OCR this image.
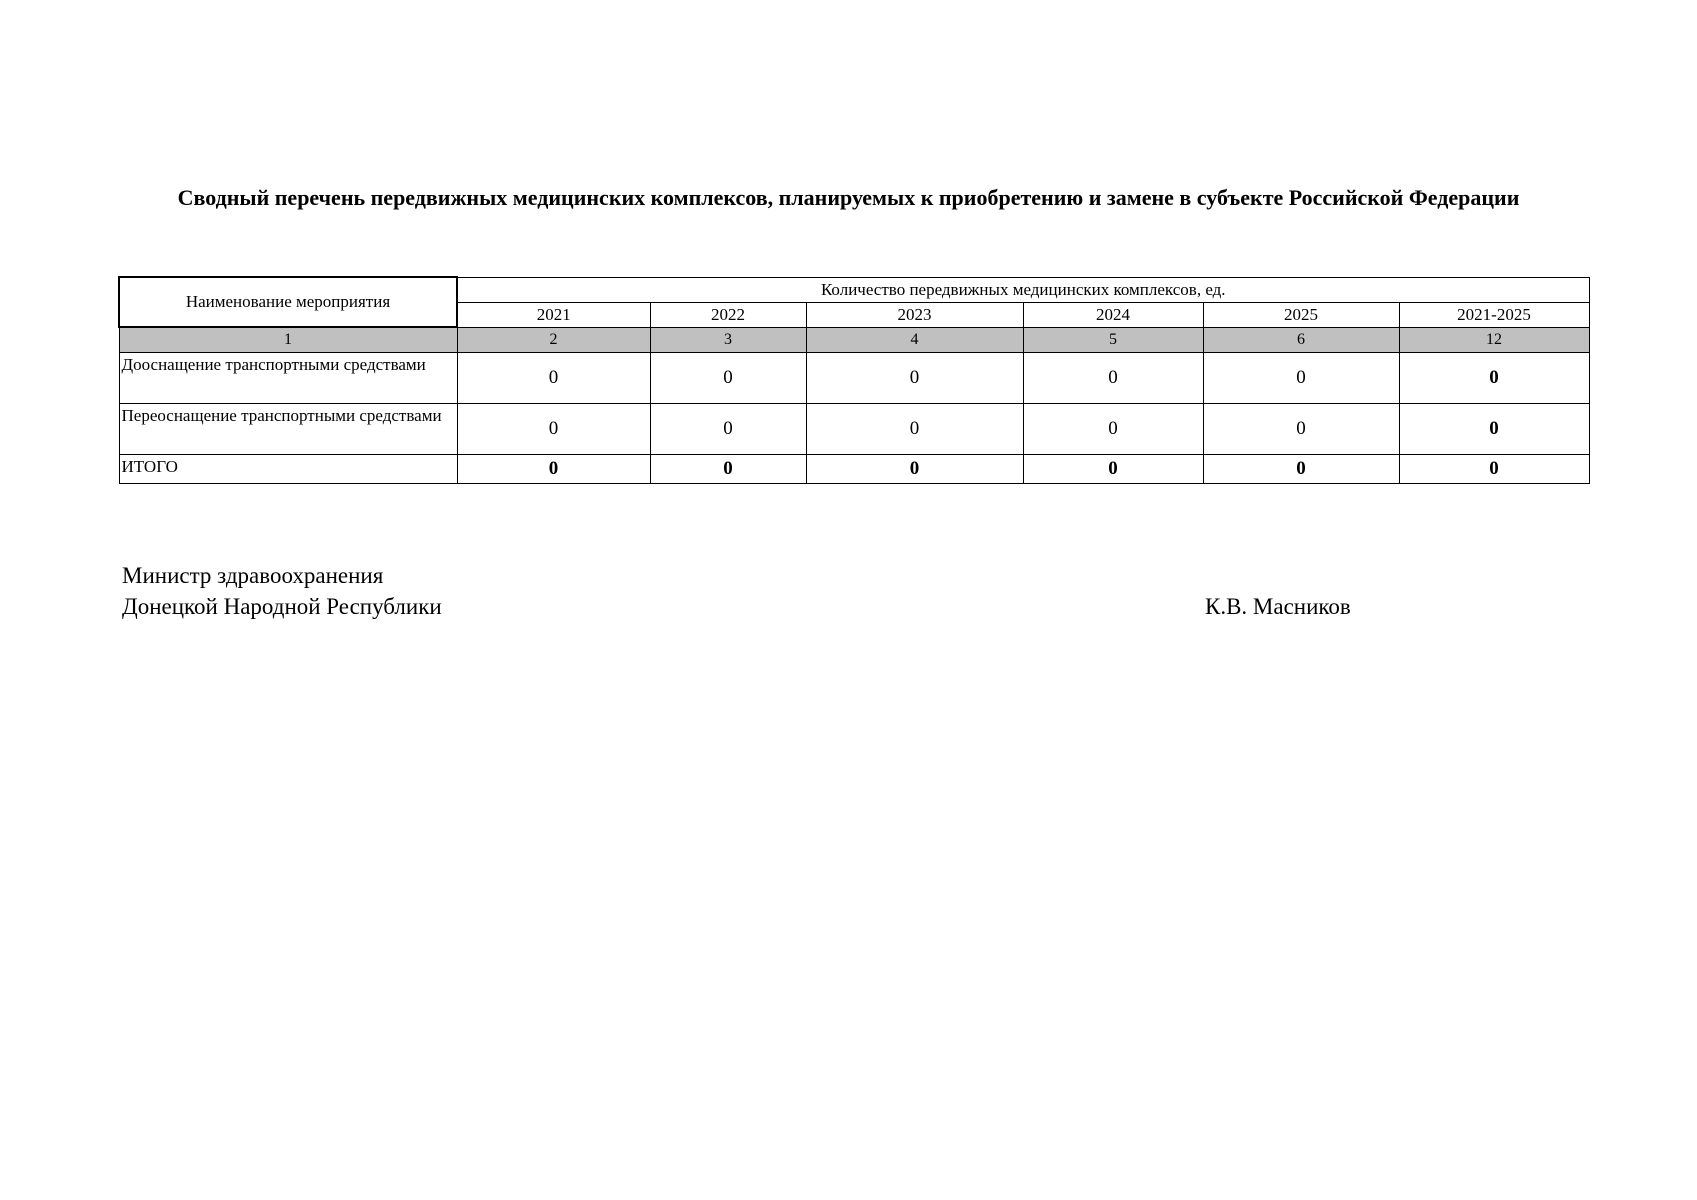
Сводный перечень передвижных медицинских комплексов, планируемых к приобретению и замене в субъекте Российской Федерации
Наименование мероприятия	Количество передвижных медицинских комплексов, ед.					
	2021	2022	2023	2024	2025	2021-2025
1	2	3	4	5	6	12
Дооснащение транспортными средствами	0	0	0	0	0	0
Переоснащение транспортными средствами	0	0	0	0	0	0
ИТОГО	0	0	0	0	0	0
Министр здравоохранения
Донецкой Народной Республики	К.В. Масников
